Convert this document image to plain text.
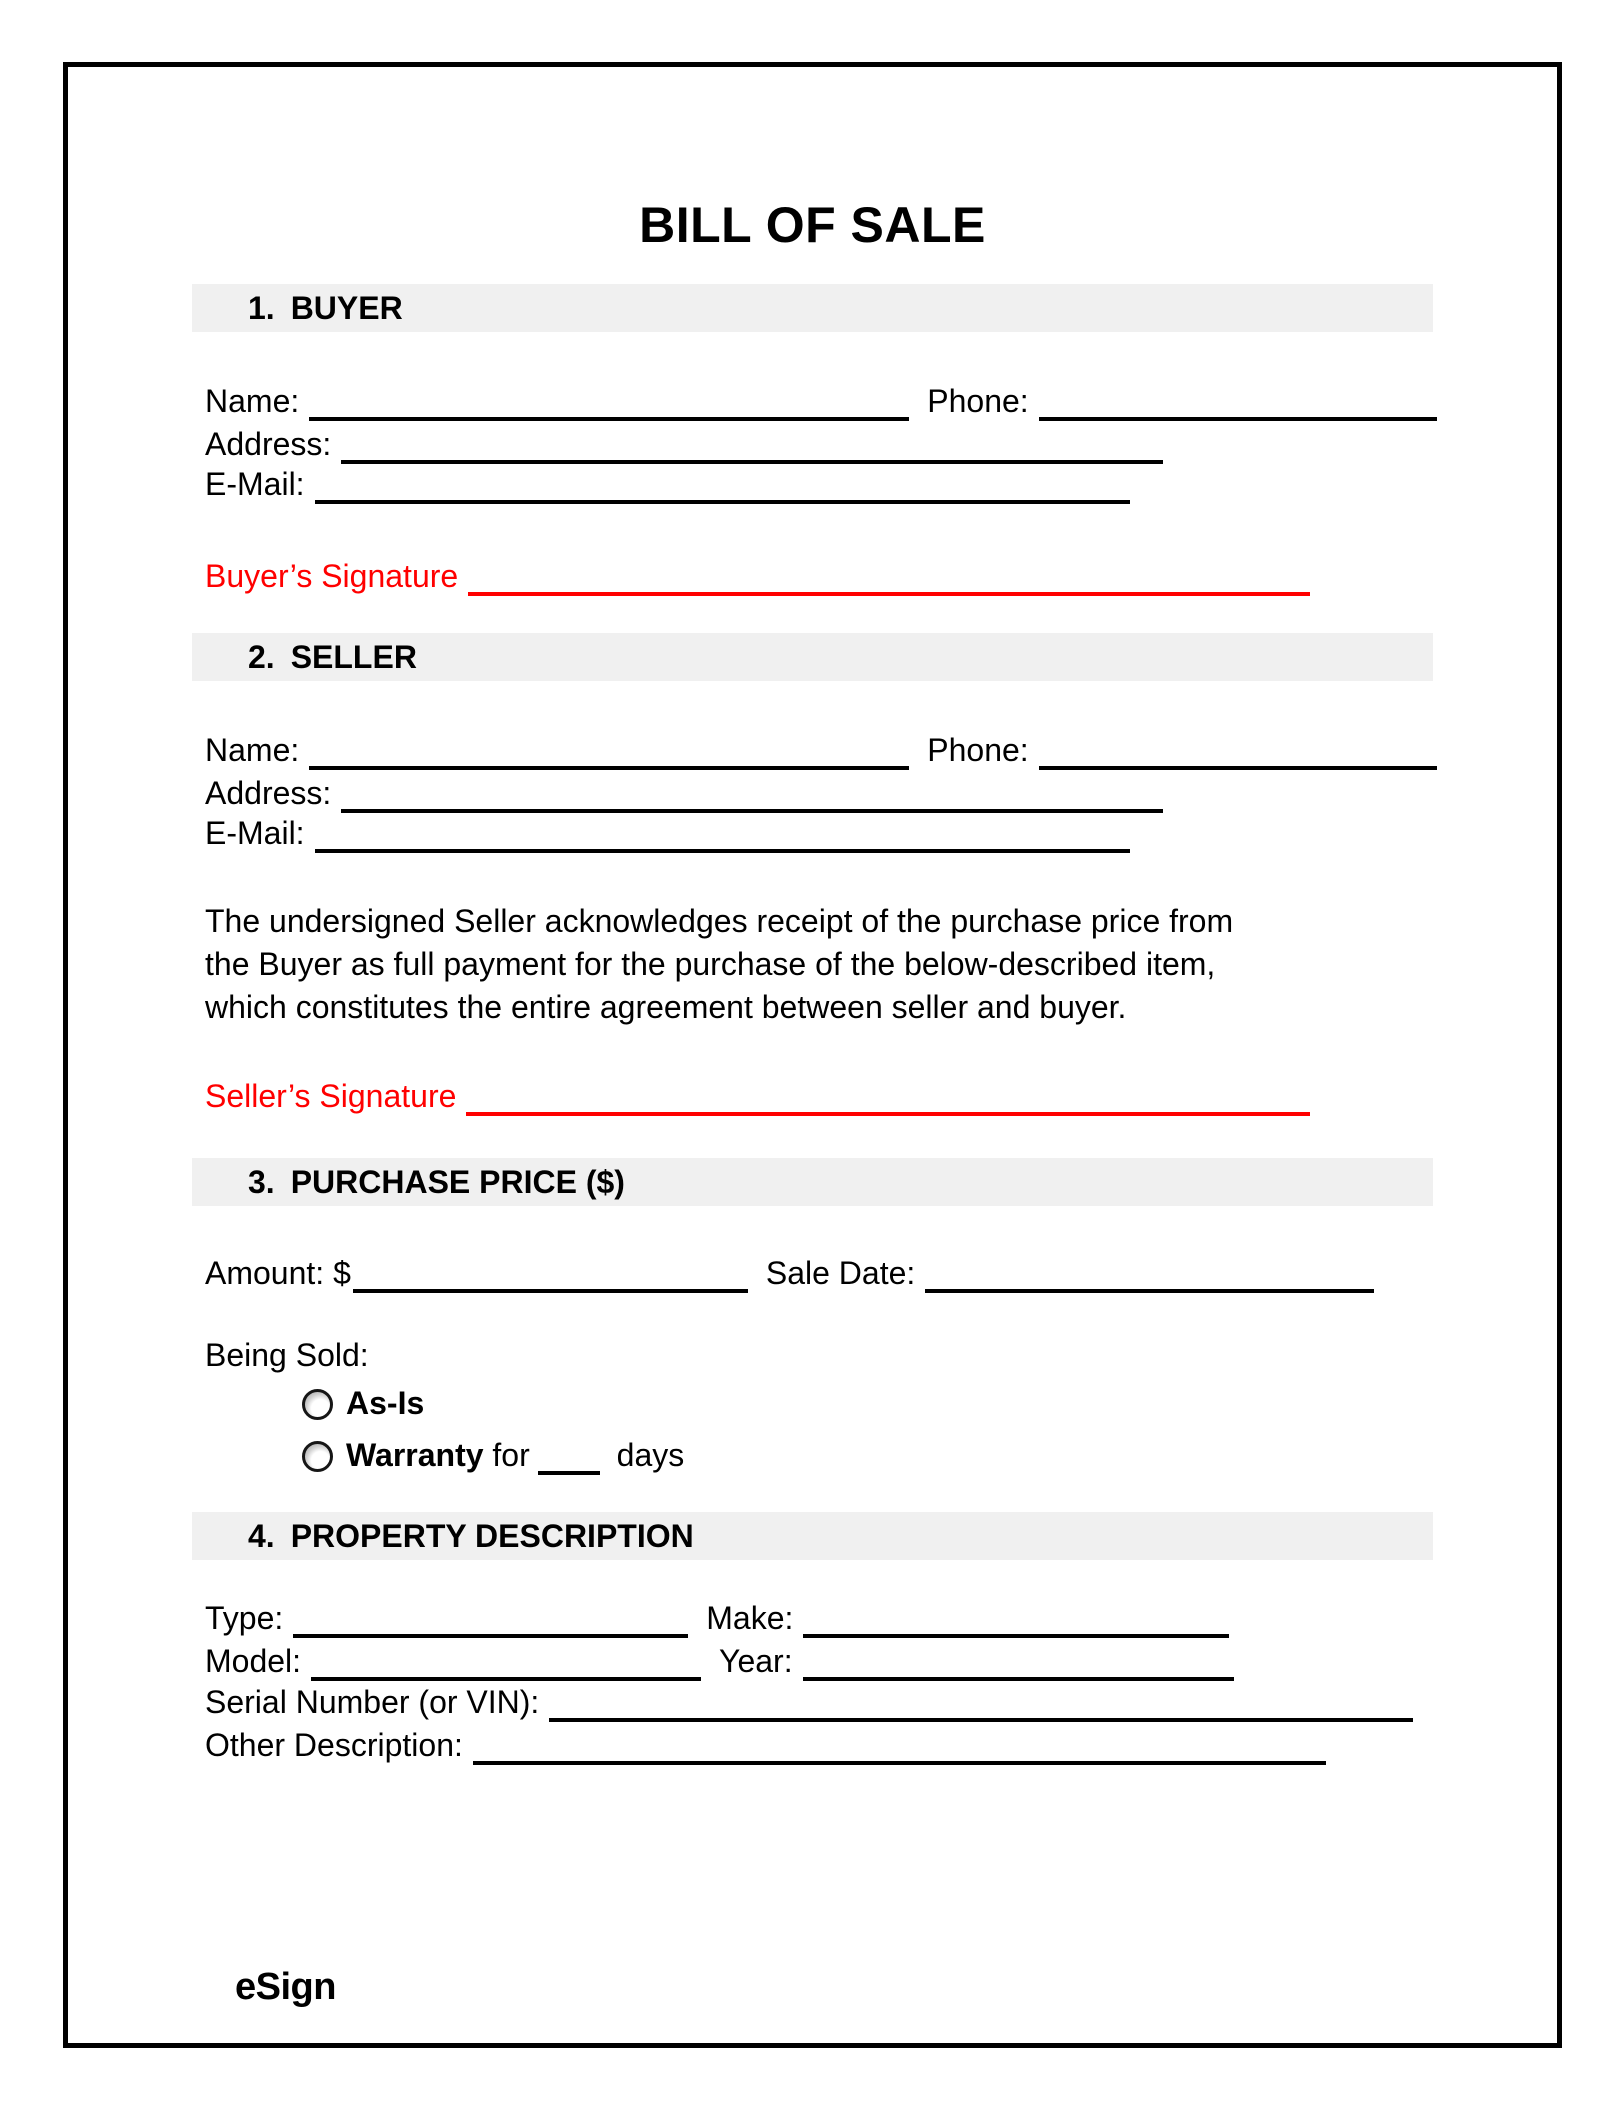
BILL OF SALE
1. BUYER
Name:	Phone:
Address:
E-Mail:
Buyer’s Signature
2. SELLER
Name:	Phone:
Address:
E-Mail:
The undersigned Seller acknowledges receipt of the purchase price from
the Buyer as full payment for the purchase of the below-described item,
which constitutes the entire agreement between seller and buyer.
Seller’s Signature
3. PURCHASE PRICE ($)
Amount: $	Sale Date:
Being Sold:
As-Is
Warranty for days
4. PROPERTY DESCRIPTION
Type:	Make:
Model:	Year:
Serial Number (or VIN):
Other Description:
eSign
